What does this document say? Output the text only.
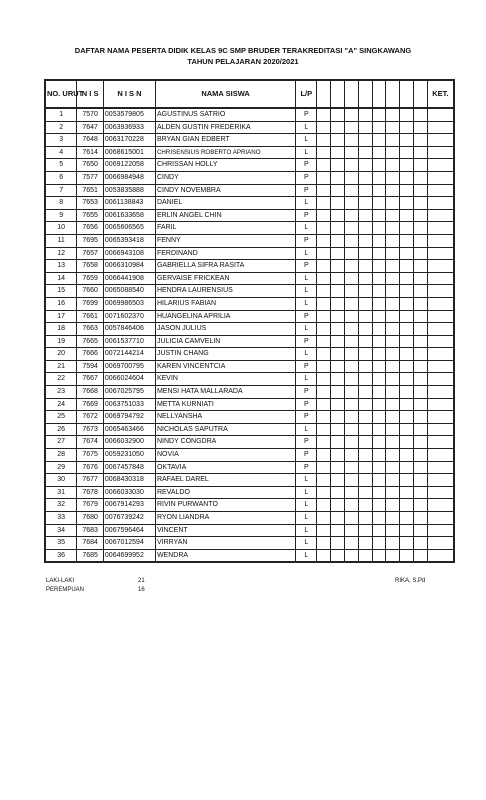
DAFTAR NAMA PESERTA DIDIK KELAS 9C SMP BRUDER TERAKREDITASI "A" SINGKAWANG
TAHUN PELAJARAN 2020/2021
NO. URUT	N I S	N I S N	NAMA SISWA	L/P									KET.
1	7570	0053579805	AGUSTINUS SATRIO	P									
2	7647	0063936933	ALDEN GUSTIN FREDERIKA	L									
3	7648	0063170228	BRYAN GIAN EDBERT	L									
4	7614	0068615001	CHRISENSIUS ROBERTO APRIANO	L									
5	7650	0069122058	CHRISSAN HOLLY	P									
6	7577	0066984948	CINDY	P									
7	7651	0053835888	CINDY NOVEMBRA	P									
8	7653	0061138843	DANIEL	L									
9	7655	0061633658	ERLIN ANGEL CHIN	P									
10	7656	0065606565	FARIL	L									
11	7695	0065393418	FENNY	P									
12	7657	0066943108	FERDINAND	L									
13	7658	0066310984	GABRIELLA SIFRA RASITA	P									
14	7659	0066441908	GERVAISE FRICKEAN	L									
15	7660	0065088540	HENDRA LAURENSIUS	L									
16	7699	0069986503	HILARIUS FABIAN	L									
17	7661	0071602370	HUANGELINA APRILIA	P									
18	7663	0057846406	JASON JULIUS	L									
19	7665	0061537710	JULICIA CAMVELIN	P									
20	7666	0072144214	JUSTIN CHANG	L									
21	7594	0069700795	KAREN VINCENTCIA	P									
22	7667	0066024604	KEVIN	L									
23	7668	0067025795	MENSI HATA MALLARADA	P									
24	7669	0063751033	METTA KURNIATI	P									
25	7672	0069794792	NELLYANSHA	P									
26	7673	0065463466	NICHOLAS SAPUTRA	L									
27	7674	0066032900	NINDY CONGDRA	P									
28	7675	0059231050	NOVIA	P									
29	7676	0067457848	OKTAVIA	P									
30	7677	0068430318	RAFAEL DAREL	L									
31	7678	0066033030	REVALDO	L									
32	7679	0067914293	RIVIN PURWANTO	L									
33	7680	0076739242	RYON LIANDRA	L									
34	7683	0067596464	VINCENT	L									
35	7684	0067012594	VIRRYAN	L									
36	7685	0064699952	WENDRA	L									
LAKI-LAKI	21
PEREMPUAN	16
RIKA, S.Pd
